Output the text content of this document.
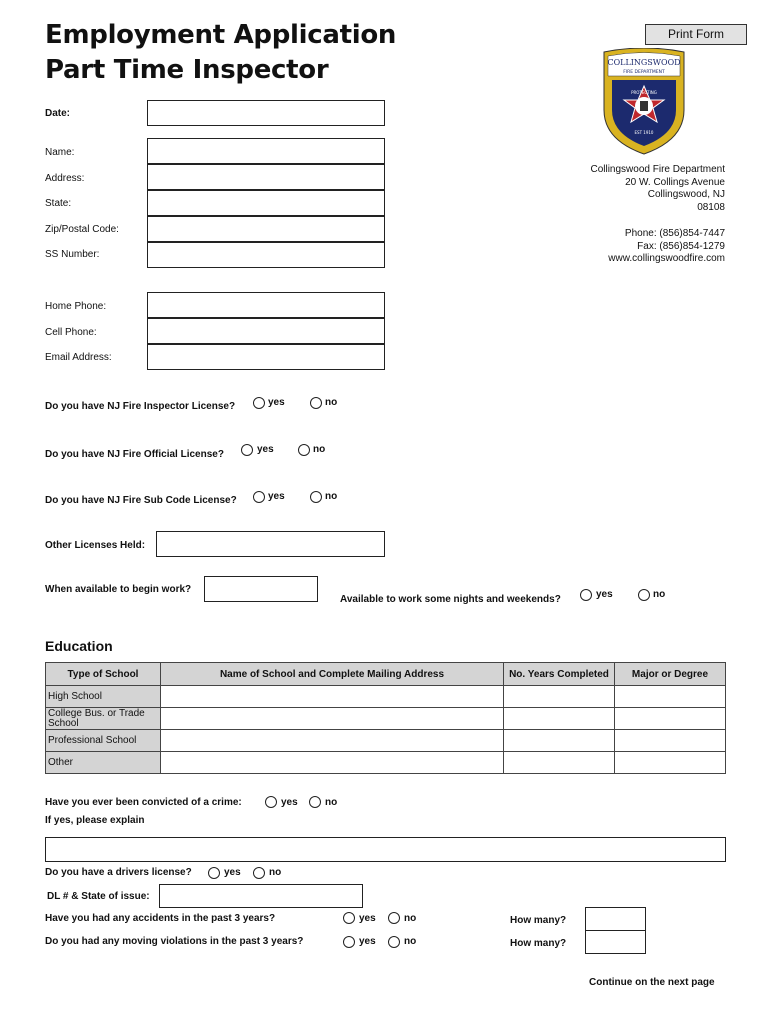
Employment Application
Part Time Inspector
Print Form
COLLINGSWOOD
FIRE DEPARTMENT
PROTECTING
EST 1910
Collingswood Fire Department
20 W. Collings Avenue
Collingswood, NJ
08108
Phone: (856)854-7447
Fax: (856)854-1279
www.collingswoodfire.com
Date:
Name:
Address:
State:
Zip/Postal Code:
SS Number:
Home Phone:
Cell Phone:
Email Address:
Do you have NJ Fire Inspector License?	yes	no
Do you have NJ Fire Official License?	yes	no
Do you have NJ Fire Sub Code License?	yes	no
Other Licenses Held:
When available to begin work?
Available to work some nights and weekends?	yes	no
Education
Type of School	Name of School and Complete Mailing Address	No. Years Completed	Major or Degree
High School			
College Bus. or Trade School			
Professional School			
Other			
Have you ever been convicted of a crime:	yes	no
If yes, please explain
Do you have a drivers license?	yes	no
DL # & State of issue:
Have you had any accidents in the past 3 years?	yes	no	How many?
Do you had any moving violations in the past 3 years?	yes	no	How many?
Continue on the next page
